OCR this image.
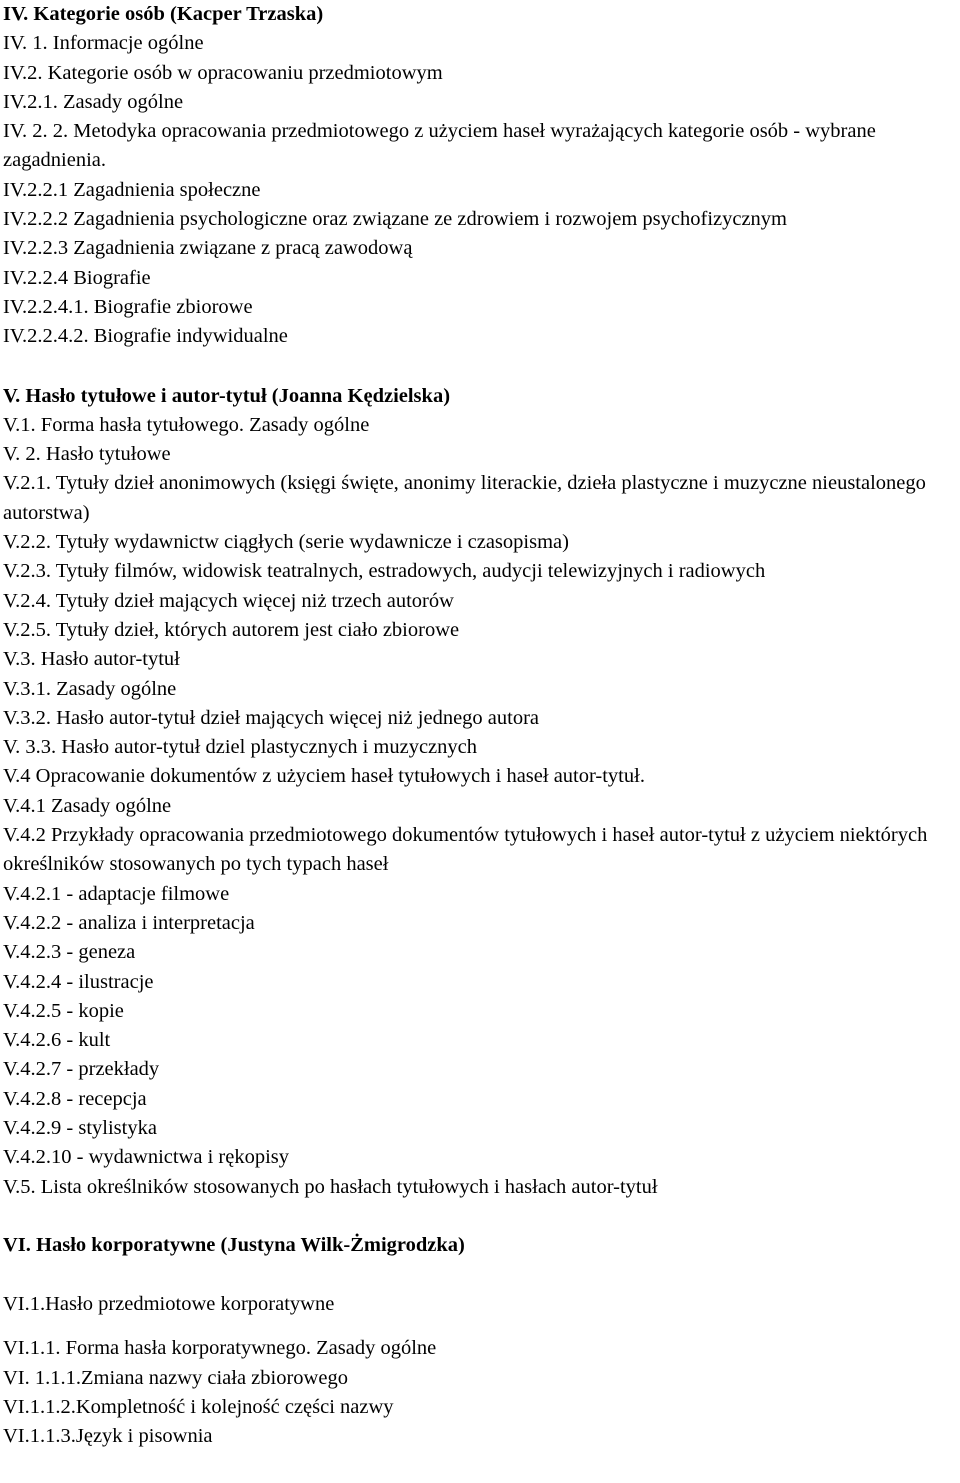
IV. Kategorie osób (Kacper Trzaska)
IV. 1. Informacje ogólne
IV.2. Kategorie osób w opracowaniu przedmiotowym
IV.2.1. Zasady ogólne
IV. 2. 2. Metodyka opracowania przedmiotowego z użyciem haseł wyrażających kategorie osób - wybrane zagadnienia.
IV.2.2.1 Zagadnienia społeczne
IV.2.2.2 Zagadnienia psychologiczne oraz związane ze zdrowiem i rozwojem psychofizycznym
IV.2.2.3 Zagadnienia związane z pracą zawodową
IV.2.2.4 Biografie
IV.2.2.4.1. Biografie zbiorowe
IV.2.2.4.2. Biografie indywidualne
V. Hasło tytułowe i autor-tytuł (Joanna Kędzielska)
V.1. Forma hasła tytułowego. Zasady ogólne
V. 2. Hasło tytułowe
V.2.1. Tytuły dzieł anonimowych (księgi święte, anonimy literackie, dzieła plastyczne i muzyczne nieustalonego autorstwa)
V.2.2. Tytuły wydawnictw ciągłych (serie wydawnicze i czasopisma)
V.2.3. Tytuły filmów, widowisk teatralnych, estradowych, audycji telewizyjnych i radiowych
V.2.4. Tytuły dzieł mających więcej niż trzech autorów
V.2.5. Tytuły dzieł, których autorem jest ciało zbiorowe
V.3. Hasło autor-tytuł
V.3.1. Zasady ogólne
V.3.2. Hasło autor-tytuł dzieł mających więcej niż jednego autora
V. 3.3. Hasło autor-tytuł dziel plastycznych i muzycznych
V.4 Opracowanie dokumentów z użyciem haseł tytułowych i haseł autor-tytuł.
V.4.1 Zasady ogólne
V.4.2 Przykłady opracowania przedmiotowego dokumentów tytułowych i haseł autor-tytuł z użyciem niektórych określników stosowanych po tych typach haseł
V.4.2.1 - adaptacje filmowe
V.4.2.2 - analiza i interpretacja
V.4.2.3 - geneza
V.4.2.4 - ilustracje
V.4.2.5 - kopie
V.4.2.6 - kult
V.4.2.7 - przekłady
V.4.2.8 - recepcja
V.4.2.9 - stylistyka
V.4.2.10 - wydawnictwa i rękopisy
V.5. Lista określników stosowanych po hasłach tytułowych i hasłach autor-tytuł
VI. Hasło korporatywne (Justyna Wilk-Żmigrodzka)
VI.1.Hasło przedmiotowe korporatywne
VI.1.1. Forma hasła korporatywnego. Zasady ogólne
VI. 1.1.1.Zmiana nazwy ciała zbiorowego
VI.1.1.2.Kompletność i kolejność części nazwy
VI.1.1.3.Język i pisownia
